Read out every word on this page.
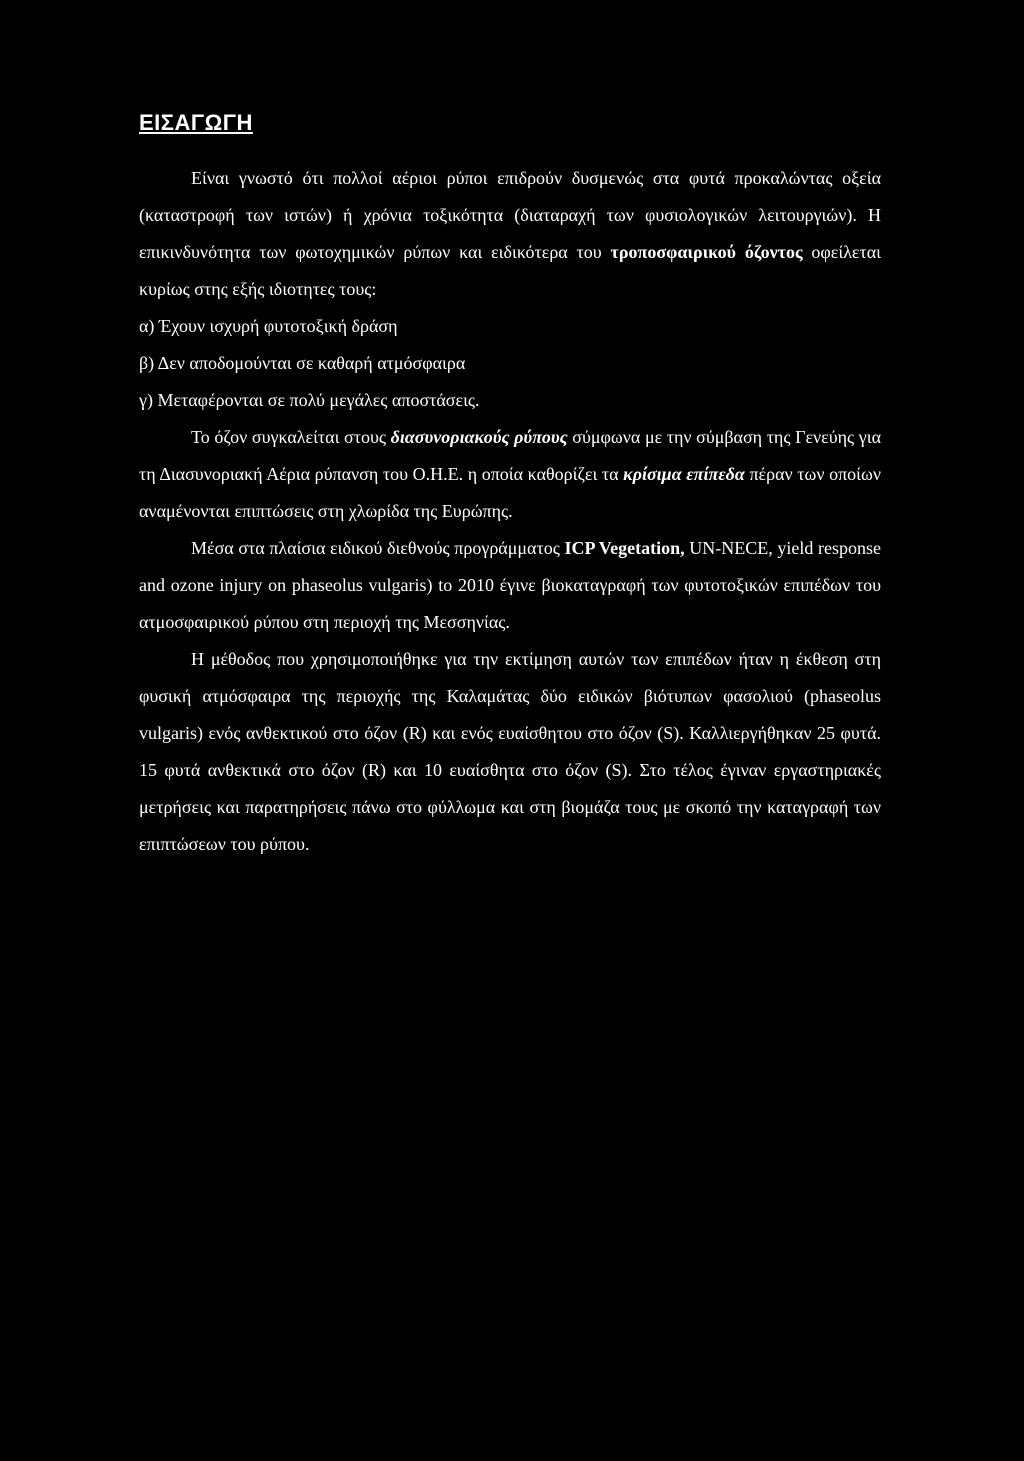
ΕΙΣΑΓΩΓΗ

Είναι γνωστό ότι πολλοί αέριοι ρύποι επιδρούν δυσμενώς στα φυτά προκαλώντας οξεία (καταστροφή των ιστών) ή χρόνια τοξικότητα (διαταραχή των φυσιολογικών λειτουργιών). Η επικινδυνότητα των φωτοχημικών ρύπων και ειδικότερα του τροποσφαιρικού όζοντος οφείλεται κυρίως στης εξής ιδιοτητες τους:

α) Έχουν ισχυρή φυτοτοξική δράση

β) Δεν αποδομούνται σε καθαρή ατμόσφαιρα

γ) Μεταφέρονται σε πολύ μεγάλες αποστάσεις.

Το όζον συγκαλείται στους διασυνοριακούς ρύπους σύμφωνα με την σύμβαση της Γενεύης για τη Διασυνοριακή Αέρια ρύπανση του Ο.Η.Ε. η οποία καθορίζει τα κρίσιμα επίπεδα πέραν των οποίων αναμένονται επιπτώσεις στη χλωρίδα της Ευρώπης.

Μέσα στα πλαίσια ειδικού διεθνούς προγράμματος ICP Vegetation, UN-NECE, yield response and ozone injury on phaseolus vulgaris) to 2010 έγινε βιοκαταγραφή των φυτοτοξικών επιπέδων του ατμοσφαιρικού ρύπου στη περιοχή της Μεσσηνίας.

Η μέθοδος που χρησιμοποιήθηκε για την εκτίμηση αυτών των επιπέδων ήταν η έκθεση στη φυσική ατμόσφαιρα της περιοχής της Καλαμάτας δύο ειδικών βιότυπων φασολιού (phaseolus vulgaris) ενός ανθεκτικού στο όζον (R) και ενός ευαίσθητου στο όζον (S). Καλλιεργήθηκαν 25 φυτά. 15 φυτά ανθεκτικά στο όζον (R) και 10 ευαίσθητα στο όζον (S). Στο τέλος έγιναν εργαστηριακές μετρήσεις και παρατηρήσεις πάνω στο φύλλωμα και στη βιομάζα τους με σκοπό την καταγραφή των επιπτώσεων του ρύπου.
